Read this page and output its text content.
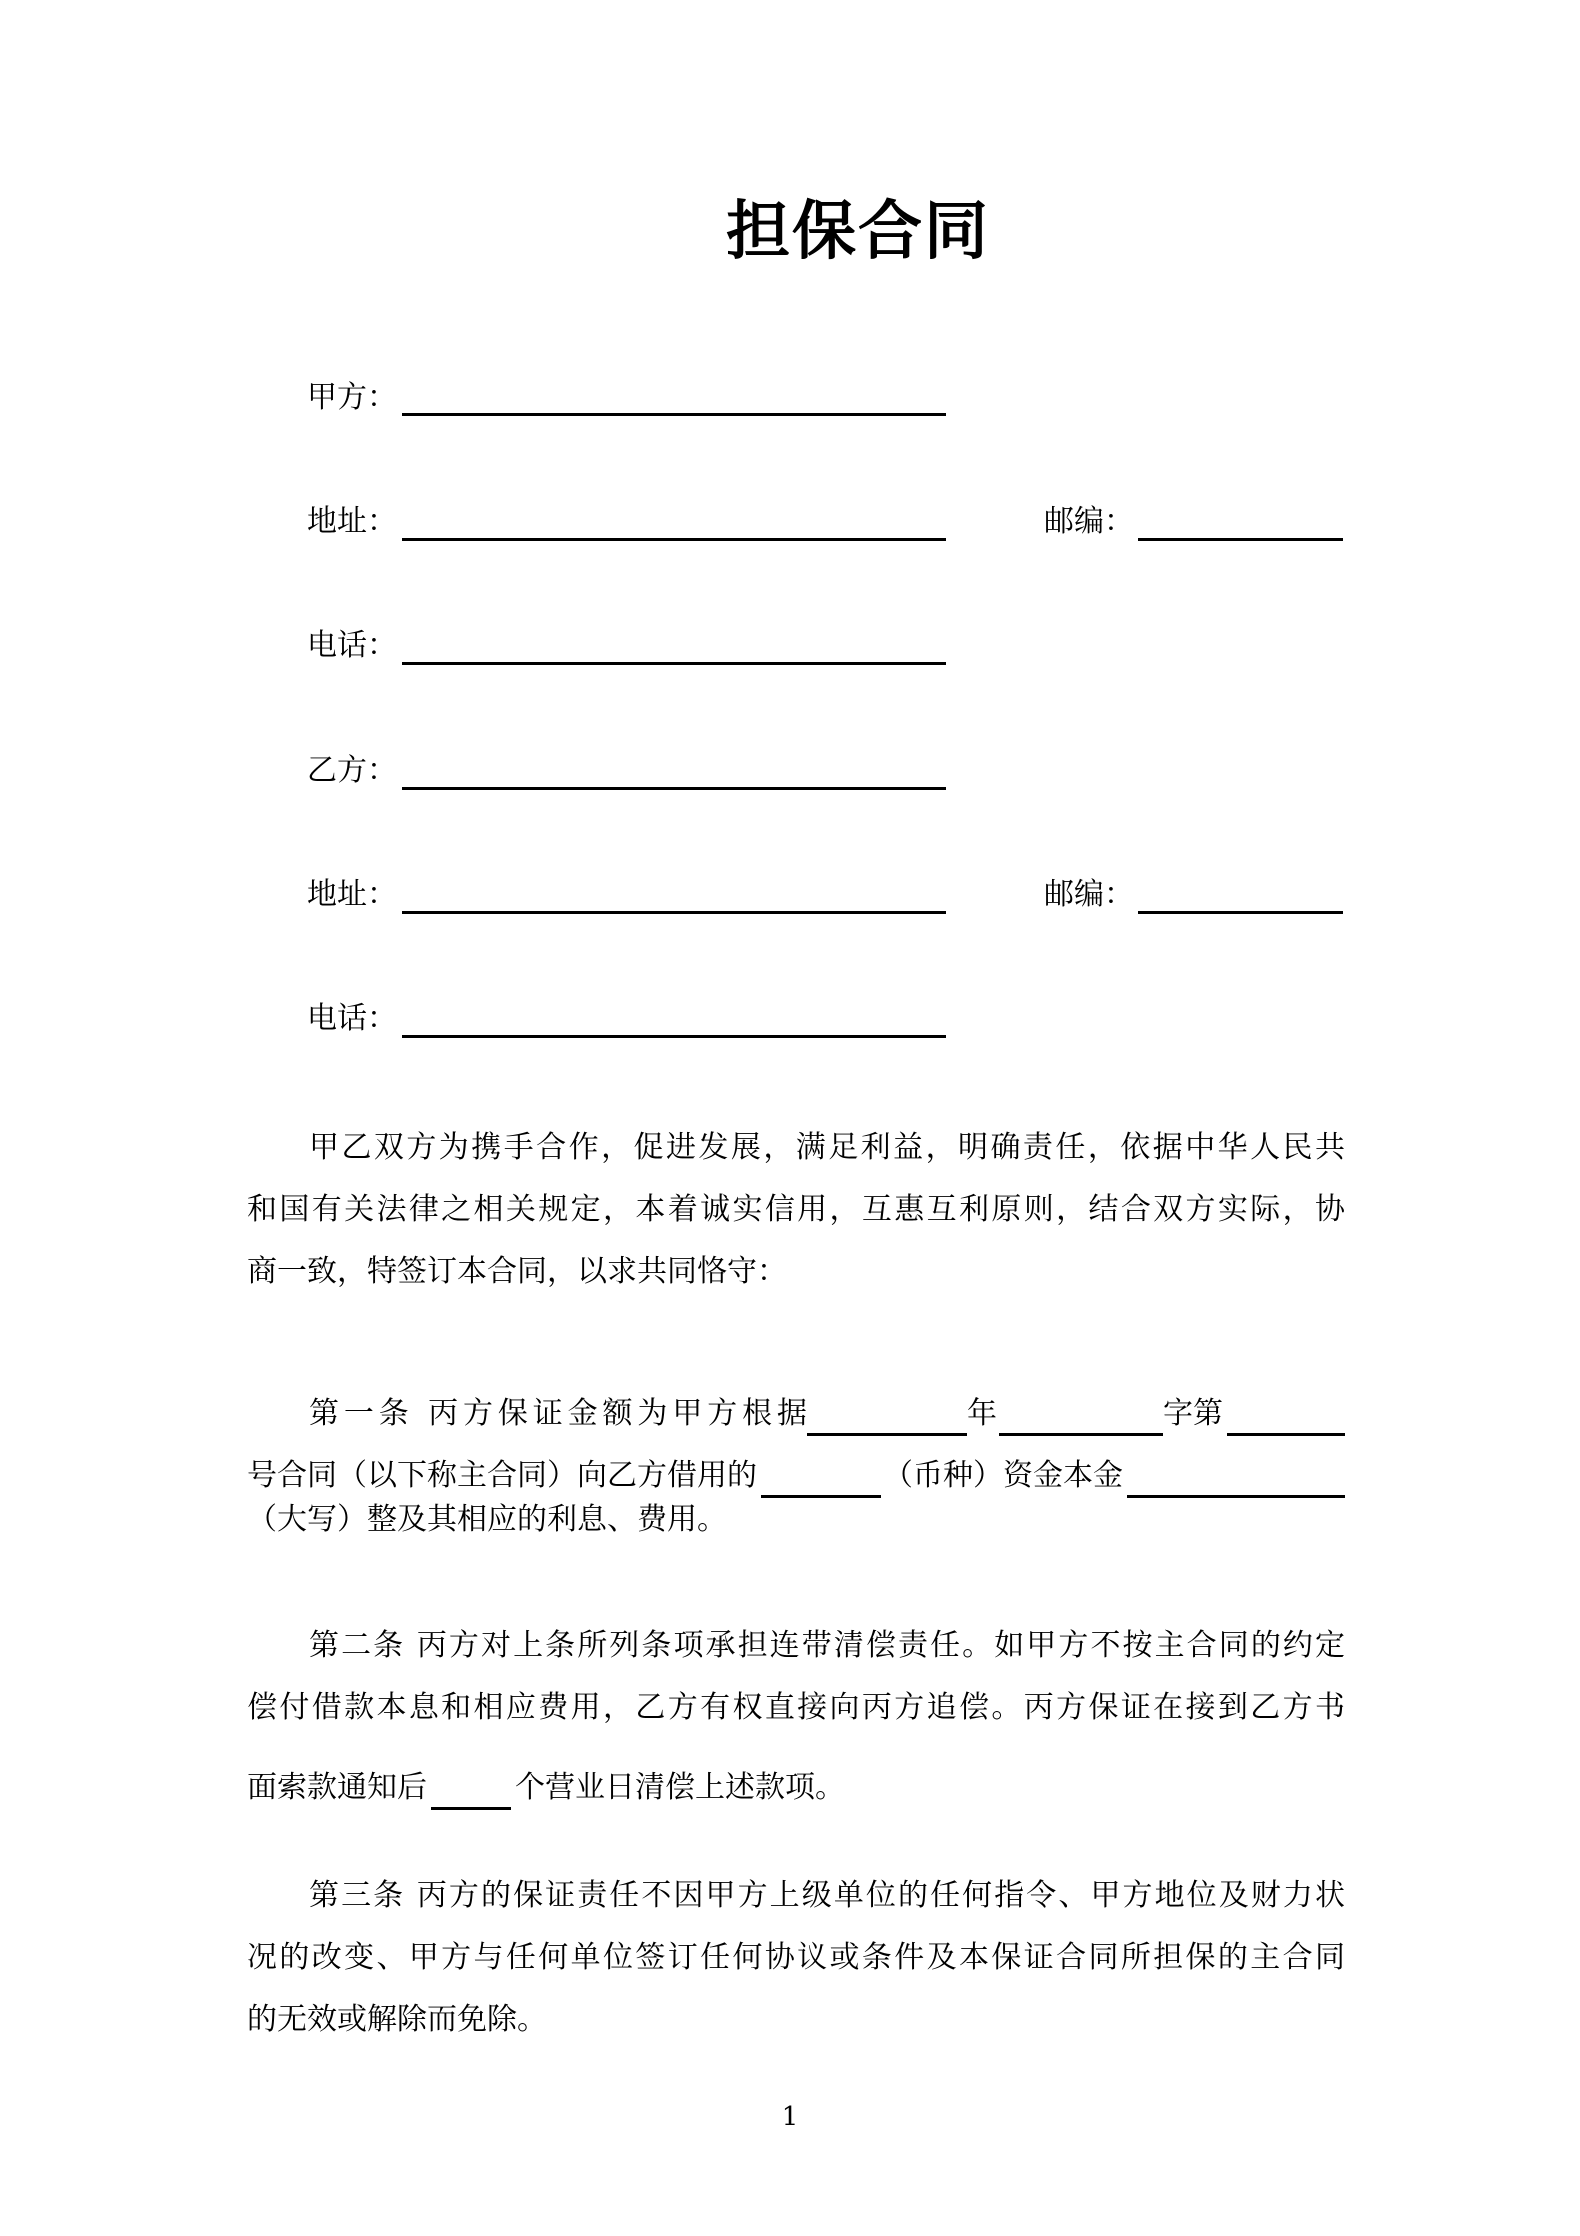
担保合同
甲方：
地址：	邮编：
电话：
乙方：
地址：	邮编：
电话：
甲乙双方为携手合作，促进发展，满足利益，明确责任，依据中华人民共
和国有关法律之相关规定，本着诚实信用，互惠互利原则，结合双方实际，协
商一致，特签订本合同，以求共同恪守：
第一条 丙方保证金额为甲方根据	年	字第
号合同（以下称主合同）向乙方借用的	（币种）资金本金
（大写）整及其相应的利息、费用。
第二条 丙方对上条所列条项承担连带清偿责任。如甲方不按主合同的约定
偿付借款本息和相应费用，乙方有权直接向丙方追偿。丙方保证在接到乙方书
面索款通知后	个营业日清偿上述款项。
第三条 丙方的保证责任不因甲方上级单位的任何指令、甲方地位及财力状
况的改变、甲方与任何单位签订任何协议或条件及本保证合同所担保的主合同
的无效或解除而免除。
1
